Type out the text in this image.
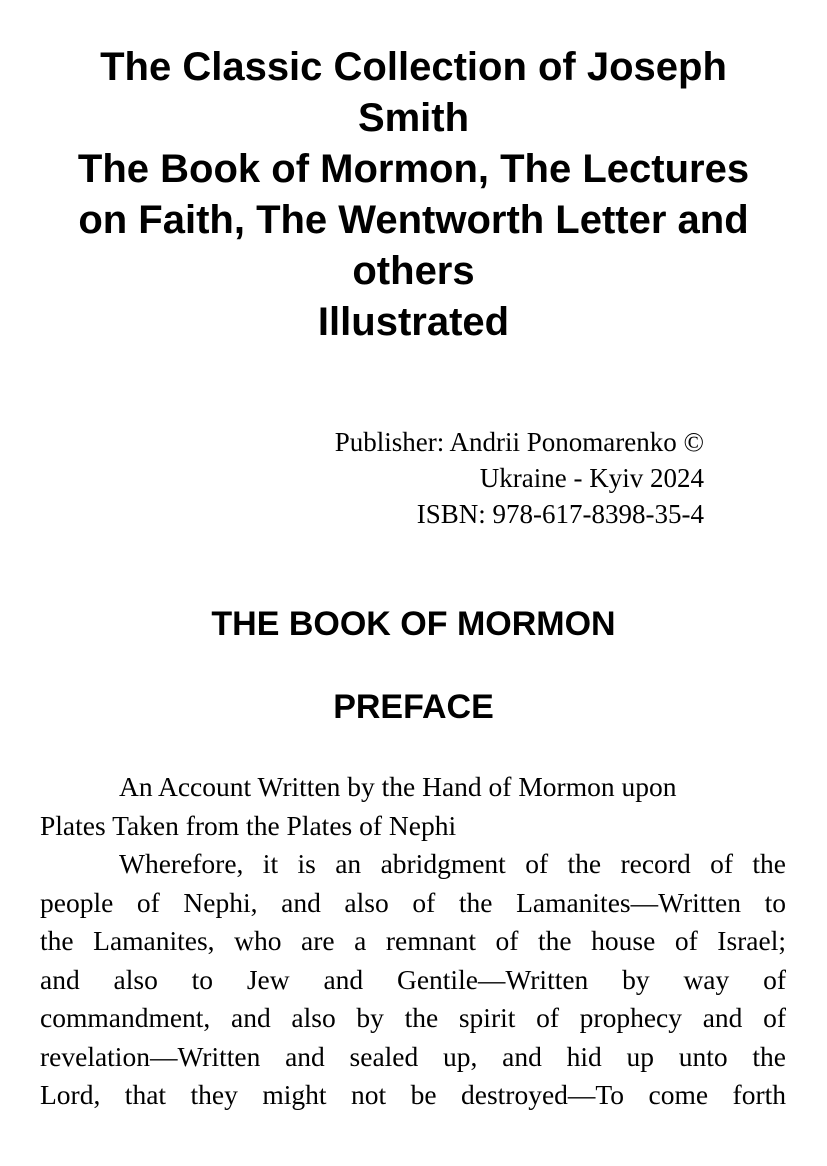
The Classic Collection of Joseph
Smith
The Book of Mormon, The Lectures
on Faith, The Wentworth Letter and
others
Illustrated
Publisher: Andrii Ponomarenko ©
Ukraine - Kyiv 2024
ISBN: 978-617-8398-35-4
THE BOOK OF MORMON
PREFACE
An Account Written by the Hand of Mormon upon
Plates Taken from the Plates of Nephi
Wherefore, it is an abridgment of the record of the
people of Nephi, and also of the Lamanites—Written to
the Lamanites, who are a remnant of the house of Israel;
and also to Jew and Gentile—Written by way of
commandment, and also by the spirit of prophecy and of
revelation—Written and sealed up, and hid up unto the
Lord, that they might not be destroyed—To come forth
